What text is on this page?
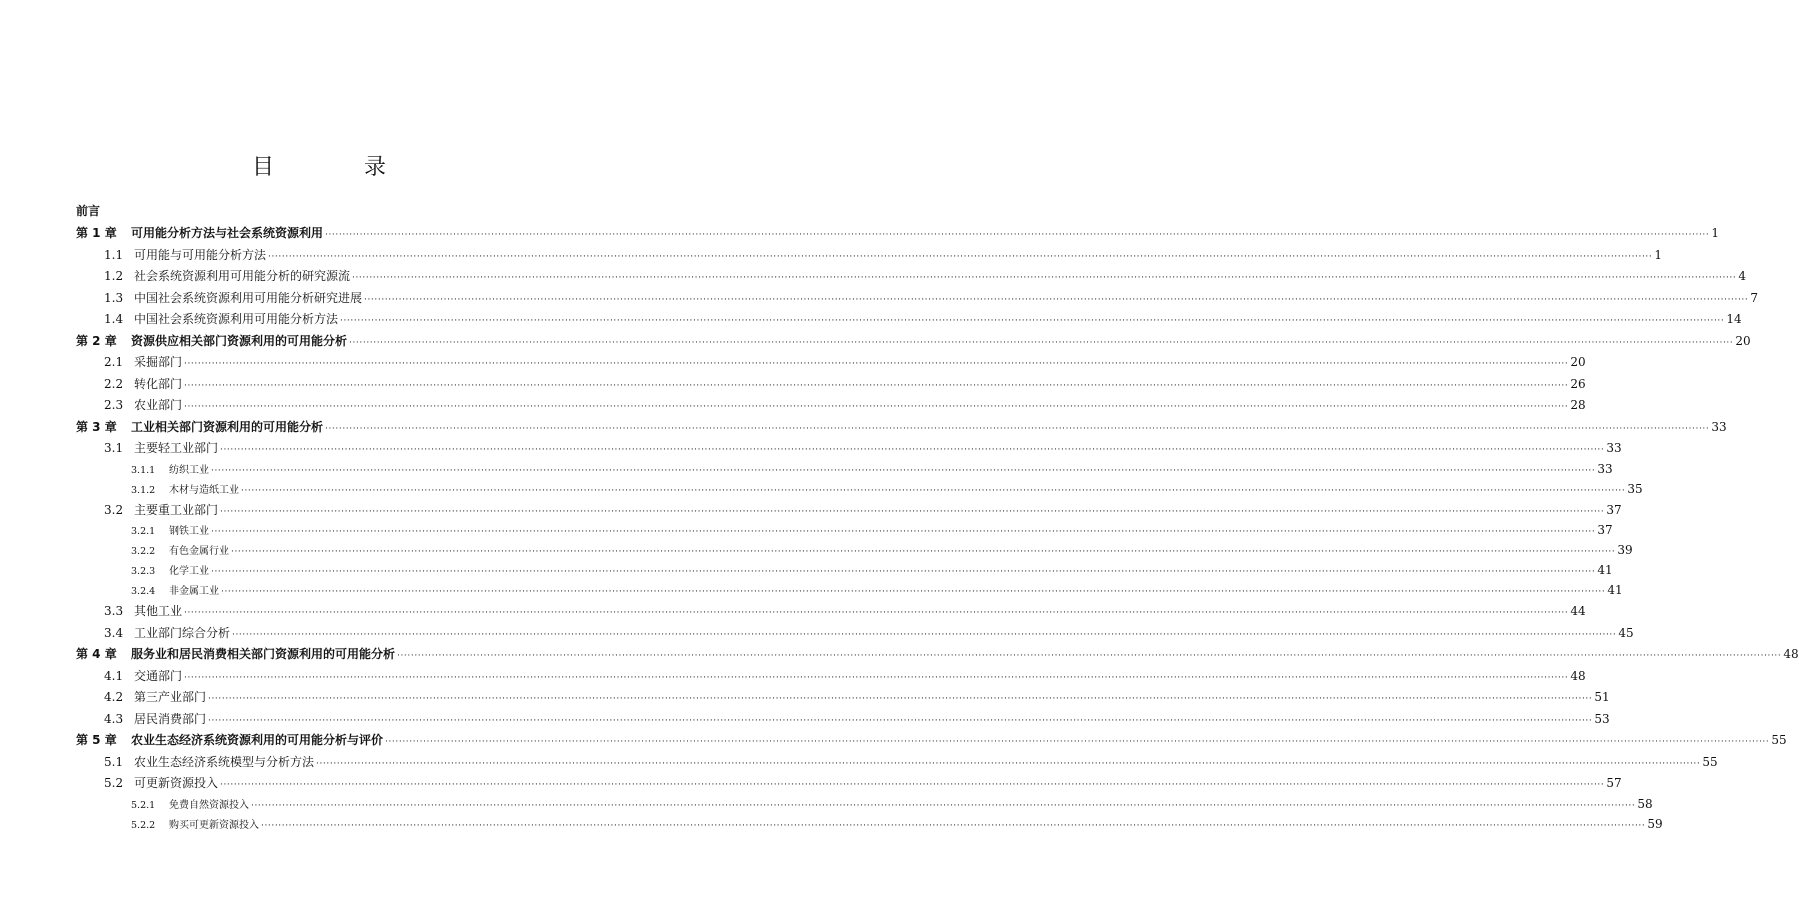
目　录
前言
第 1 章	可用能分析方法与社会系统资源利用 ················································································································································································································································································································································································································ 1
1.1 可用能与可用能分析方法 ················································································································································································································································································································································································································ 1
1.2 社会系统资源利用可用能分析的研究源流 ················································································································································································································································································································································································································ 4
1.3 中国社会系统资源利用可用能分析研究进展 ················································································································································································································································································································································································································ 7
1.4 中国社会系统资源利用可用能分析方法 ················································································································································································································································································································································································································ 14
第 2 章	资源供应相关部门资源利用的可用能分析 ················································································································································································································································································································································································································ 20
2.1 采掘部门 ················································································································································································································································································································································································································ 20
2.2 转化部门 ················································································································································································································································································································································································································ 26
2.3 农业部门 ················································································································································································································································································································································································································ 28
第 3 章	工业相关部门资源利用的可用能分析 ················································································································································································································································································································································································································ 33
3.1 主要轻工业部门 ················································································································································································································································································································································································································ 33
3.1.1	纺织工业 ················································································································································································································································································································································································································ 33
3.1.2	木材与造纸工业 ················································································································································································································································································································································································································ 35
3.2 主要重工业部门 ················································································································································································································································································································································································································ 37
3.2.1	钢铁工业 ················································································································································································································································································································································································································ 37
3.2.2	有色金属行业 ················································································································································································································································································································································································································ 39
3.2.3	化学工业 ················································································································································································································································································································································································································ 41
3.2.4	非金属工业 ················································································································································································································································································································································································································ 41
3.3 其他工业 ················································································································································································································································································································································································································ 44
3.4 工业部门综合分析 ················································································································································································································································································································································································································ 45
第 4 章	服务业和居民消费相关部门资源利用的可用能分析 ················································································································································································································································································································································································································ 48
4.1 交通部门 ················································································································································································································································································································································································································ 48
4.2 第三产业部门 ················································································································································································································································································································································································································ 51
4.3 居民消费部门 ················································································································································································································································································································································································································ 53
第 5 章	农业生态经济系统资源利用的可用能分析与评价 ················································································································································································································································································································································································································ 55
5.1 农业生态经济系统模型与分析方法 ················································································································································································································································································································································································································ 55
5.2 可更新资源投入 ················································································································································································································································································································································································································ 57
5.2.1	免费自然资源投入 ················································································································································································································································································································································································································ 58
5.2.2	购买可更新资源投入 ················································································································································································································································································································································································································ 59
